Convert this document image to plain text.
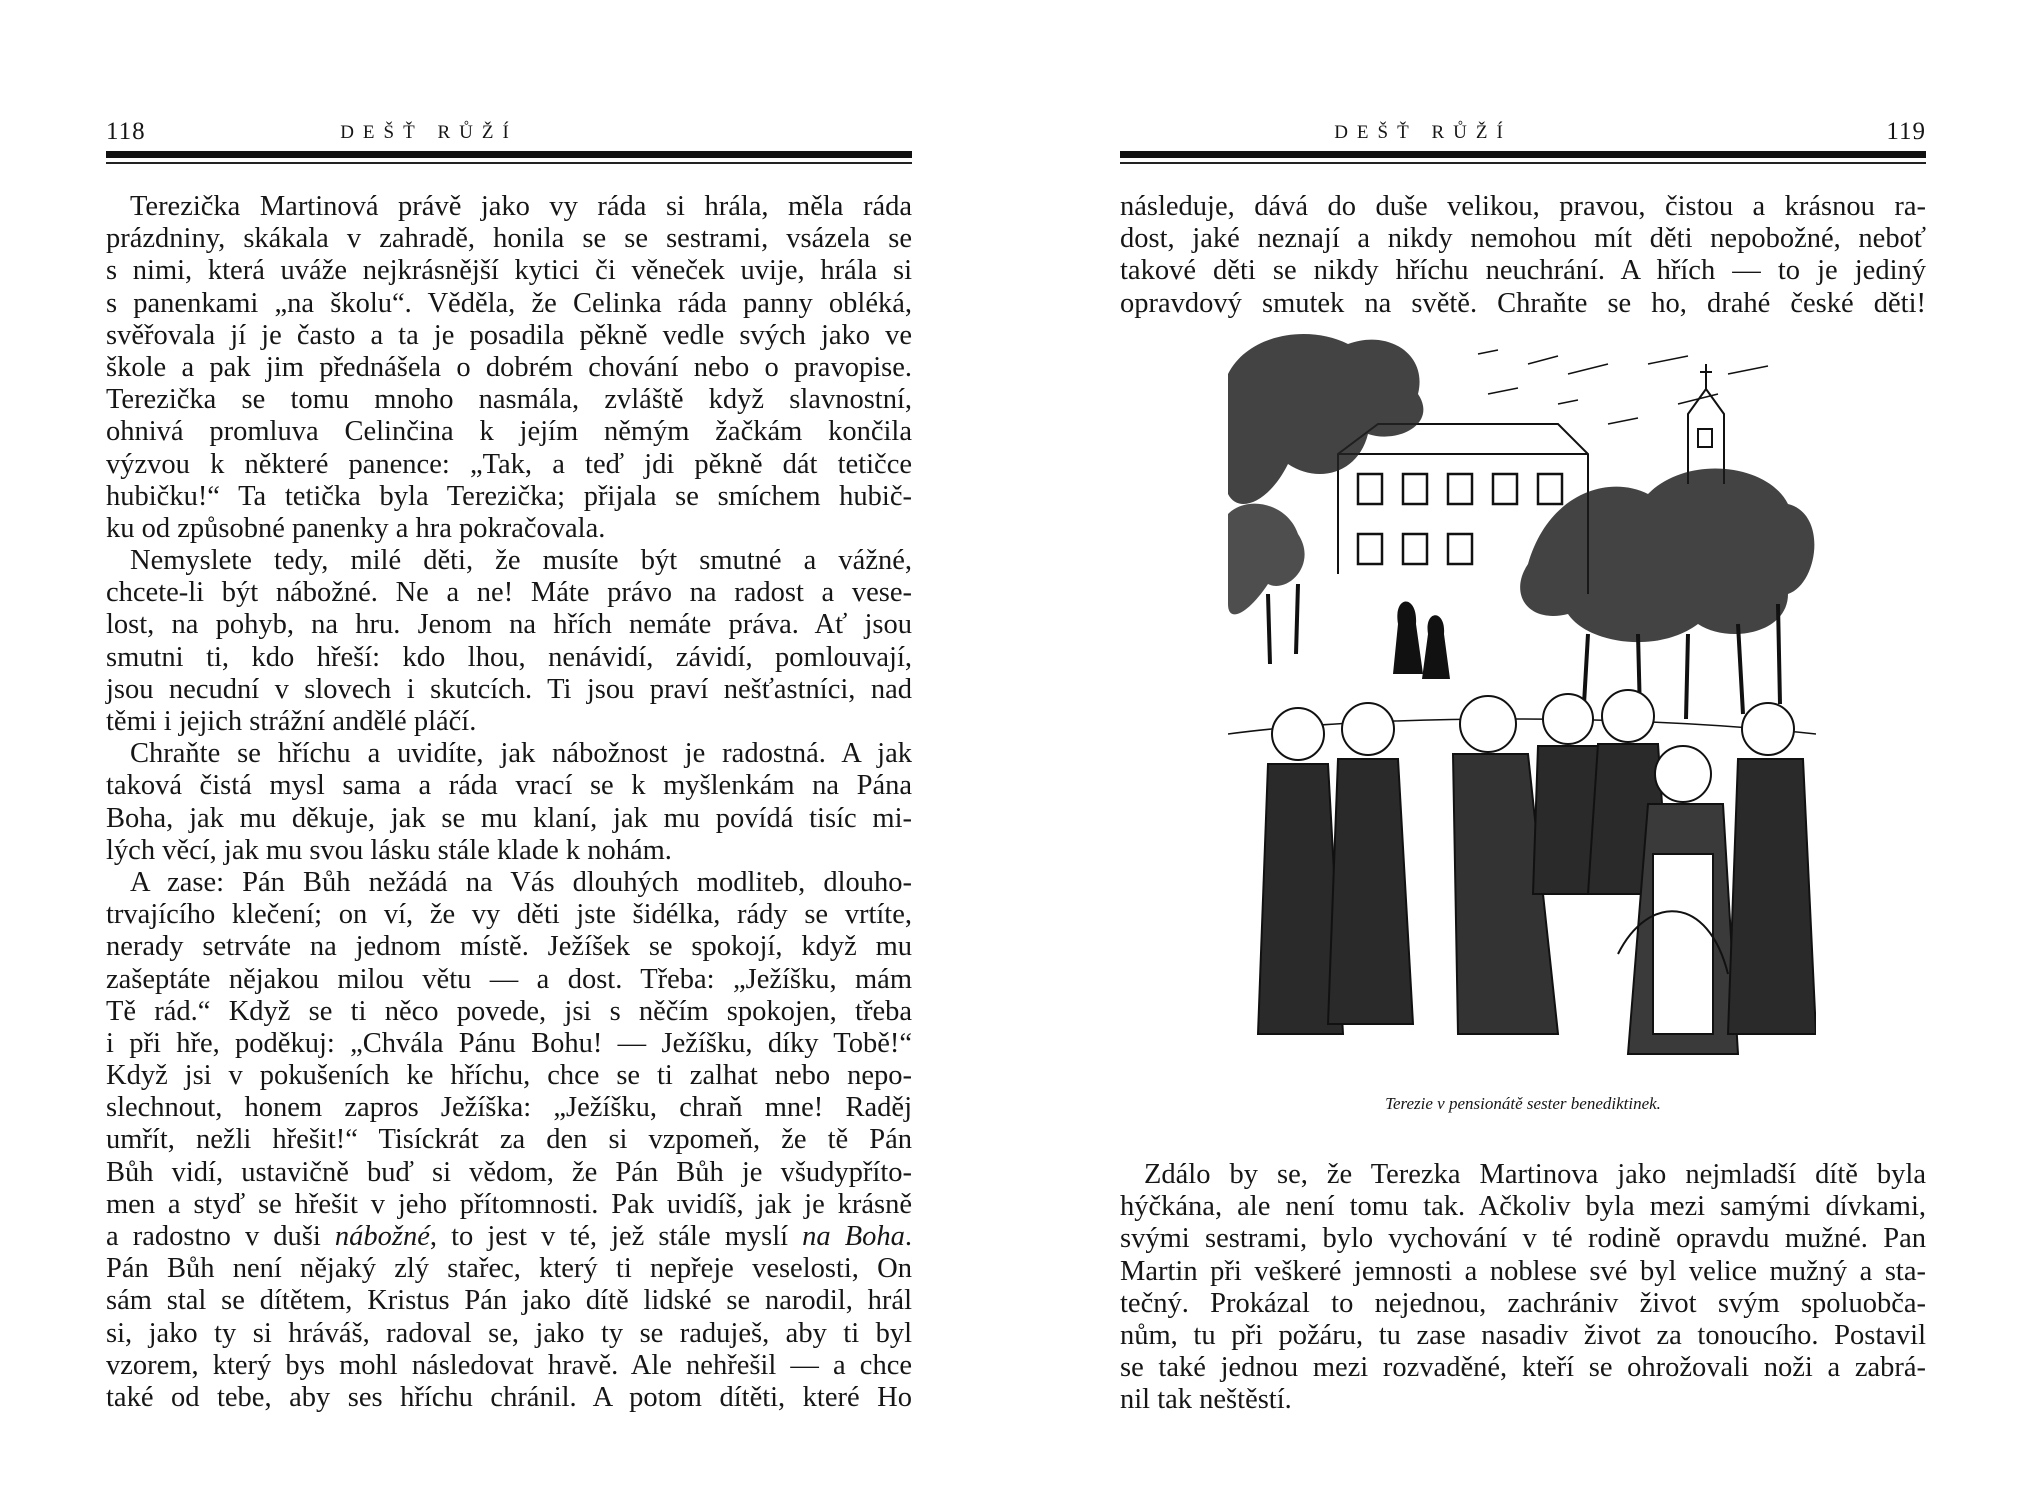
118	DEŠŤ RŮŽÍ
Terezička Martinová právě jako vy ráda si hrála, měla ráda
prázdniny, skákala v zahradě, honila se se sestrami, vsázela se
s nimi, která uváže nejkrásnější kytici či věneček uvije, hrála si
s panenkami „na školu“. Věděla, že Celinka ráda panny obléká,
svěřovala jí je často a ta je posadila pěkně vedle svých jako ve
škole a pak jim přednášela o dobrém chování nebo o pravopise.
Terezička se tomu mnoho nasmála, zvláště když slavnostní,
ohnivá promluva Celinčina k jejím němým žačkám končila
výzvou k některé panence: „Tak, a teď jdi pěkně dát tetičce
hubičku!“ Ta tetička byla Terezička; přijala se smíchem hubič-
ku od způsobné panenky a hra pokračovala.
Nemyslete tedy, milé děti, že musíte být smutné a vážné,
chcete-li být nábožné. Ne a ne! Máte právo na radost a vese-
lost, na pohyb, na hru. Jenom na hřích nemáte práva. Ať jsou
smutni ti, kdo hřeší: kdo lhou, nenávidí, závidí, pomlouvají,
jsou necudní v slovech i skutcích. Ti jsou praví nešťastníci, nad
těmi i jejich strážní andělé pláčí.
Chraňte se hříchu a uvidíte, jak nábožnost je radostná. A jak
taková čistá mysl sama a ráda vrací se k myšlenkám na Pána
Boha, jak mu děkuje, jak se mu klaní, jak mu povídá tisíc mi-
lých věcí, jak mu svou lásku stále klade k nohám.
A zase: Pán Bůh nežádá na Vás dlouhých modliteb, dlouho-
trvajícího klečení; on ví, že vy děti jste šidélka, rády se vrtíte,
nerady setrváte na jednom místě. Ježíšek se spokojí, když mu
zašeptáte nějakou milou větu — a dost. Třeba: „Ježíšku, mám
Tě rád.“ Když se ti něco povede, jsi s něčím spokojen, třeba
i při hře, poděkuj: „Chvála Pánu Bohu! — Ježíšku, díky Tobě!“
Když jsi v pokušeních ke hříchu, chce se ti zalhat nebo nepo-
slechnout, honem zapros Ježíška: „Ježíšku, chraň mne! Raděj
umřít, nežli hřešit!“ Tisíckrát za den si vzpomeň, že tě Pán
Bůh vidí, ustavičně buď si vědom, že Pán Bůh je všudypříto-
men a styď se hřešit v jeho přítomnosti. Pak uvidíš, jak je krásně
a radostno v duši nábožné, to jest v té, jež stále myslí na Boha.
Pán Bůh není nějaký zlý stařec, který ti nepřeje veselosti, On
sám stal se dítětem, Kristus Pán jako dítě lidské se narodil, hrál
si, jako ty si hráváš, radoval se, jako ty se raduješ, aby ti byl
vzorem, který bys mohl následovat hravě. Ale nehřešil — a chce
také od tebe, aby ses hříchu chránil. A potom dítěti, které Ho
DEŠŤ RŮŽÍ	119
následuje, dává do duše velikou, pravou, čistou a krásnou ra-
dost, jaké neznají a nikdy nemohou mít děti nepobožné, neboť
takové děti se nikdy hříchu neuchrání. A hřích — to je jediný
opravdový smutek na světě. Chraňte se ho, drahé české děti!
Terezie v pensionátě sester benediktinek.
Zdálo by se, že Terezka Martinova jako nejmladší dítě byla
hýčkána, ale není tomu tak. Ačkoliv byla mezi samými dívkami,
svými sestrami, bylo vychování v té rodině opravdu mužné. Pan
Martin při veškeré jemnosti a noblese své byl velice mužný a sta-
tečný. Prokázal to nejednou, zachrániv život svým spoluobča-
nům, tu při požáru, tu zase nasadiv život za tonoucího. Postavil
se také jednou mezi rozvaděné, kteří se ohrožovali noži a zabrá-
nil tak neštěstí.
